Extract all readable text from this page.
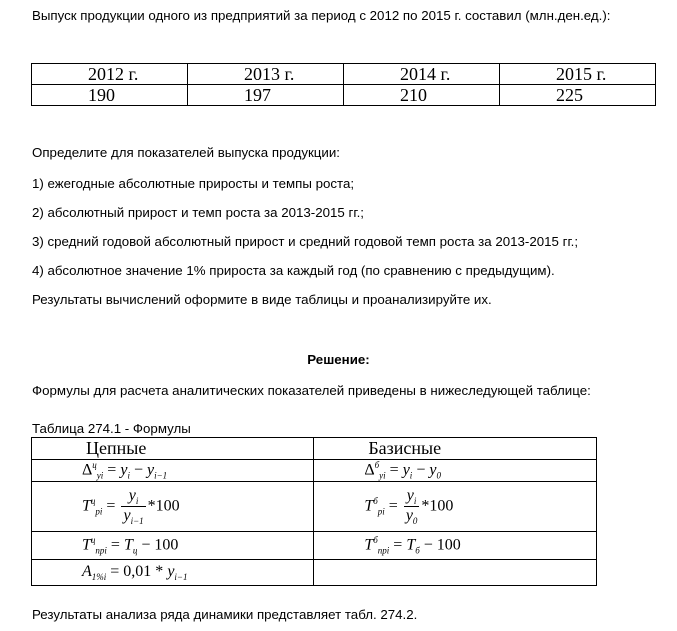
Выпуск продукции одного из предприятий за период с 2012 по 2015 г. составил (млн.ден.ед.):
2012 г.	2013 г.	2014 г.	2015 г.
190	197	210	225
Определите для показателей выпуска продукции:
1) ежегодные абсолютные приросты и темпы роста;
2) абсолютный прирост и темп роста за 2013-2015 гг.;
3) средний годовой абсолютный прирост и средний годовой темп роста за 2013-2015 гг.;
4) абсолютное значение 1% прироста за каждый год (по сравнению с предыдущим).
Результаты вычислений оформите в виде таблицы и проанализируйте их.
Решение:
Формулы для расчета аналитических показателей приведены в нижеследующей таблице:
Таблица 274.1 - Формулы
Цепные	Базисные
$\Delta^ц_{yi} = y_i - y_{i-1}$	$\Delta^б_{yi} = y_i - y_0$
$T^ц_{pi} = \frac{y_i}{y_{i-1}} *100$	$T^б_{pi} = \frac{y_i}{y_0} *100$
$T^ц_{npi} = T_ц - 100$	$T^б_{npi} = T_б - 100$
$A_{1\%i} = 0,01 * y_{i-1}$	
Результаты анализа ряда динамики представляет табл. 274.2.
